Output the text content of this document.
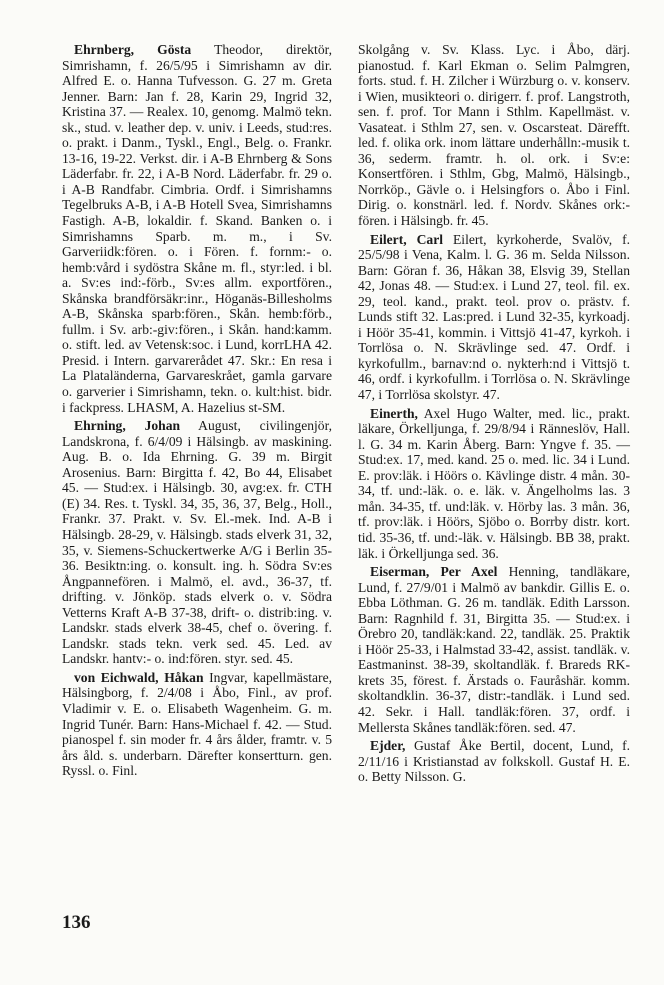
Ehrnberg, Gösta Theodor, direktör, Simrishamn, f. 26/5/95 i Simrishamn av dir. Alfred E. o. Hanna Tufvesson. G. 27 m. Greta Jenner. Barn: Jan f. 28, Karin 29, Ingrid 32, Kristina 37. — Realex. 10, genomg. Malmö tekn. sk., stud. v. leather dep. v. univ. i Leeds, stud:res. o. prakt. i Danm., Tyskl., Engl., Belg. o. Frankr. 13-16, 19-22. Verkst. dir. i A-B Ehrnberg & Sons Läderfabr. fr. 22, i A-B Nord. Läderfabr. fr. 29 o. i A-B Randfabr. Cimbria. Ordf. i Simrishamns Tegelbruks A-B, i A-B Hotell Svea, Simrishamns Fastigh. A-B, lokaldir. f. Skand. Banken o. i Simrishamns Sparb. m. m., i Sv. Garveriidk:fören. o. i Fören. f. fornm:- o. hemb:vård i sydöstra Skåne m. fl., styr:led. i bl. a. Sv:es ind:-förb., Sv:es allm. exportfören., Skånska brandförsäkr:inr., Höganäs-Billesholms A-B, Skånska sparb:fören., Skån. hemb:förb., fullm. i Sv. arb:-giv:fören., i Skån. hand:kamm. o. stift. led. av Vetensk:soc. i Lund, korrLHA 42. Presid. i Intern. garvarerådet 47. Skr.: En resa i La Plataländerna, Garvareskrået, gamla garvare o. garverier i Simrishamn, tekn. o. kult:hist. bidr. i fackpress. LHASM, A. Hazelius st-SM.

Ehrning, Johan August, civilingenjör, Landskrona, f. 6/4/09 i Hälsingb. av maskining. Aug. B. o. Ida Ehrning. G. 39 m. Birgit Arosenius. Barn: Birgitta f. 42, Bo 44, Elisabet 45. — Stud:ex. i Hälsingb. 30, avg:ex. fr. CTH (E) 34. Res. t. Tyskl. 34, 35, 36, 37, Belg., Holl., Frankr. 37. Prakt. v. Sv. El.-mek. Ind. A-B i Hälsingb. 28-29, v. Hälsingb. stads elverk 31, 32, 35, v. Siemens-Schuckertwerke A/G i Berlin 35-36. Besiktn:ing. o. konsult. ing. h. Södra Sv:es Ångpannefören. i Malmö, el. avd., 36-37, tf. drifting. v. Jönköp. stads elverk o. v. Södra Vetterns Kraft A-B 37-38, drift- o. distrib:ing. v. Landskr. stads elverk 38-45, chef o. övering. f. Landskr. stads tekn. verk sed. 45. Led. av Landskr. hantv:- o. ind:fören. styr. sed. 45.

von Eichwald, Håkan Ingvar, kapellmästare, Hälsingborg, f. 2/4/08 i Åbo, Finl., av prof. Vladimir v. E. o. Elisabeth Wagenheim. G. m. Ingrid Tunér. Barn: Hans-Michael f. 42. — Stud. pianospel f. sin moder fr. 4 års ålder, framtr. v. 5 års åld. s. underbarn. Därefter konsertturn. gen. Ryssl. o. Finl.

Skolgång v. Sv. Klass. Lyc. i Åbo, därj. pianostud. f. Karl Ekman o. Selim Palmgren, forts. stud. f. H. Zilcher i Würzburg o. v. konserv. i Wien, musikteori o. dirigerr. f. prof. Langstroth, sen. f. prof. Tor Mann i Sthlm. Kapellmäst. v. Vasateat. i Sthlm 27, sen. v. Oscarsteat. Därefft. led. f. olika ork. inom lättare underhålln:-musik t. 36, sederm. framtr. h. ol. ork. i Sv:e: Konsertfören. i Sthlm, Gbg, Malmö, Hälsingb., Norrköp., Gävle o. i Helsingfors o. Åbo i Finl. Dirig. o. konstnärl. led. f. Nordv. Skånes ork:-fören. i Hälsingb. fr. 45.

Eilert, Carl Eilert, kyrkoherde, Svalöv, f. 25/5/98 i Vena, Kalm. l. G. 36 m. Selda Nilsson. Barn: Göran f. 36, Håkan 38, Elsvig 39, Stellan 42, Jonas 48. — Stud:ex. i Lund 27, teol. fil. ex. 29, teol. kand., prakt. teol. prov o. prästv. f. Lunds stift 32. Las:pred. i Lund 32-35, kyrkoadj. i Höör 35-41, kommin. i Vittsjö 41-47, kyrkoh. i Torrlösa o. N. Skrävlinge sed. 47. Ordf. i kyrkofullm., barnav:nd o. nykterh:nd i Vittsjö t. 46, ordf. i kyrkofullm. i Torrlösa o. N. Skrävlinge 47, i Torrlösa skolstyr. 47.

Einerth, Axel Hugo Walter, med. lic., prakt. läkare, Örkelljunga, f. 29/8/94 i Rännеslöv, Hall. l. G. 34 m. Karin Åberg. Barn: Yngve f. 35. — Stud:ex. 17, med. kand. 25 o. med. lic. 34 i Lund. E. prov:läk. i Höörs o. Kävlinge distr. 4 mån. 30-34, tf. und:-läk. o. e. läk. v. Ängelholms las. 3 mån. 34-35, tf. und:läk. v. Hörby las. 3 mån. 36, tf. prov:läk. i Höörs, Sjöbo o. Borrby distr. kort. tid. 35-36, tf. und:-läk. v. Hälsingb. BB 38, prakt. läk. i Örkelljunga sed. 36.

Eiserman, Per Axel Henning, tandläkare, Lund, f. 27/9/01 i Malmö av bankdir. Gillis E. o. Ebba Löthman. G. 26 m. tandläk. Edith Larsson. Barn: Ragnhild f. 31, Birgitta 35. — Stud:ex. i Örebro 20, tandläk:kand. 22, tandläk. 25. Praktik i Höör 25-33, i Halmstad 33-42, assist. tandläk. v. Eastmaninst. 38-39, skoltandläk. f. Brareds RK-krets 35, förest. f. Ärstads o. Fauråshär. komm. skoltandklin. 36-37, distr:-tandläk. i Lund sed. 42. Sekr. i Hall. tandläk:fören. 37, ordf. i Mellersta Skånes tandläk:fören. sed. 47.

Ejder, Gustaf Åke Bertil, docent, Lund, f. 2/11/16 i Kristianstad av folkskoll. Gustaf H. E. o. Betty Nilsson. G.

136
